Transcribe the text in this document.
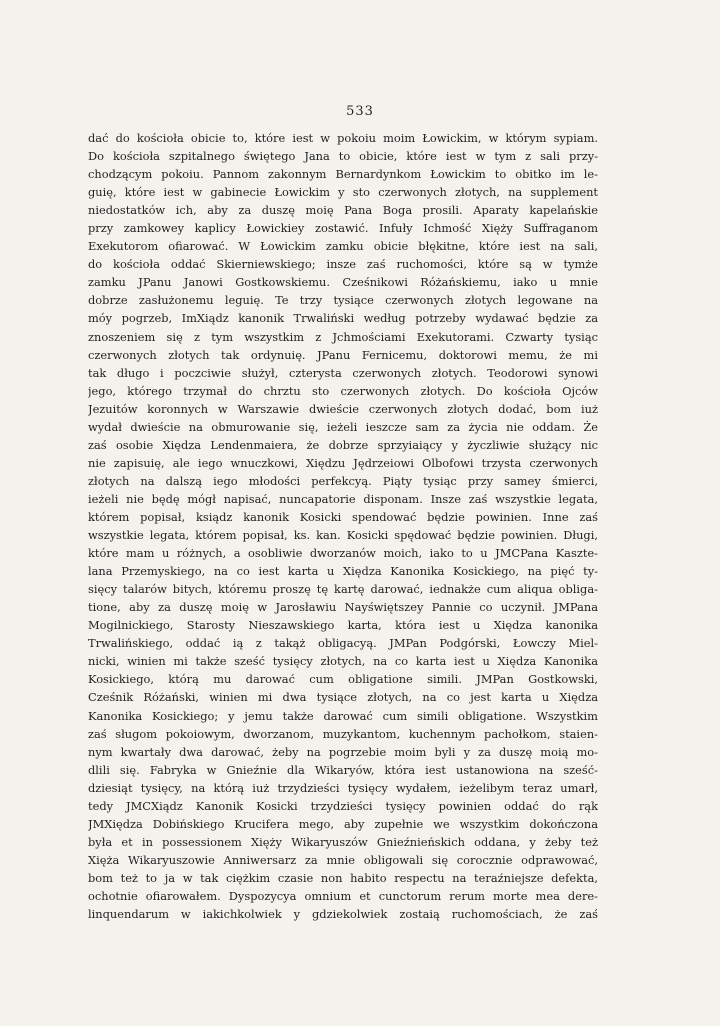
533
dać do kościoła obicie to, które iest w pokoiu moim Łowickim, w którym sypiam.
Do kościoła szpitalnego świętego Jana to obicie, które iest w tym z sali przy-
chodzącym pokoiu. Pannom zakonnym Bernardynkom Łowickim to obitko im le-
guię, które iest w gabinecie Łowickim y sto czerwonych złotych, na supplement
niedostatków ich, aby za duszę moię Pana Boga prosili. Aparaty kapelańskie
przy zamkowey kaplicy Łowickiey zostawić. Infuły Ichmość Xięży Suffraganom
Exekutorom ofiarować. W Łowickim zamku obicie błękitne, które iest na sali,
do kościoła oddać Skierniewskiego; insze zaś ruchomości, które są w tymże
zamku JPanu Janowi Gostkowskiemu. Cześnikowi Różańskiemu, iako u mnie
dobrze zasłużonemu leguię. Te trzy tysiące czerwonych złotych legowane na
móy pogrzeb, ImXiądz kanonik Trwaliński według potrzeby wydawać będzie za
znoszeniem się z tym wszystkim z Jchmościami Exekutorami. Czwarty tysiąc
czerwonych złotych tak ordynuię. JPanu Fernicemu, doktorowi memu, że mi
tak długo i poczciwie służył, czterysta czerwonych złotych. Teodorowi synowi
jego, którego trzymał do chrztu sto czerwonych złotych. Do kościoła Ojców
Jezuitów koronnych w Warszawie dwieście czerwonych złotych dodać, bom iuż
wydał dwieście na obmurowanie się, ieżeli ieszcze sam za życia nie oddam. Że
zaś osobie Xiędza Lendenmaiera, że dobrze sprzyiaiący y życzliwie służący nic
nie zapisuię, ale iego wnuczkowi, Xiędzu Jędrzeiowi Olbofowi trzysta czerwonych
złotych na dalszą iego młodości perfekcyą. Piąty tysiąc przy samey śmierci,
ieżeli nie będę mógł napisać, nuncapatorie disponam. Insze zaś wszystkie legata,
którem popisał, ksiądz kanonik Kosicki spendować będzie powinien. Inne zaś
wszystkie legata, którem popisał, ks. kan. Kosicki spędować będzie powinien. Długi,
które mam u różnych, a osobliwie dworzanów moich, iako to u JMCPana Kasztе-
lana Przemyskiego, na co iest karta u Xiędza Kanonika Kosickiego, na pięć ty-
sięcy talarów bitych, któremu proszę tę kartę darować, iednakże cum aliqua obliga-
tione, aby za duszę moię w Jarosławiu Nayświętszey Pannie co uczynił. JMPana
Mogilnickiego, Starosty Nieszawskiego karta, która iest u Xiędza kanonika
Trwalińskiego, oddać ią z takąż obligacyą. JMPan Podgórski, Łowczy Miel-
nicki, winien mi także sześć tysięcy złotych, na co karta iest u Xiędza Kanonika
Kosickiego, którą mu darować cum obligatione simili. JMPan Gostkowski,
Cześnik Różański, winien mi dwa tysiące złotych, na co jest karta u Xiędza
Kanonika Kosickiego; y jemu także darować cum simili obligatione. Wszystkim
zaś sługom pokoiowym, dworzanom, muzykantom, kuchennym pachołkom, staien-
nym kwartały dwa darować, żeby na pogrzebie moim byli y za duszę moią mo-
dlili się. Fabryka w Gnieźnie dla Wikaryów, która iest ustanowiona na sześć-
dziesiąt tysięcy, na którą iuż trzydzieści tysięcy wydałem, ieżelibym teraz umarł,
tedy JMCXiądz Kanonik Kosicki trzydzieści tysięcy powinien oddać do rąk
JMXiędza Dobińskiego Krucifera mego, aby zupełnie we wszystkim dokończona
była et in possessionem Xięży Wikaryuszów Gnieźnieńskich oddana, y żeby też
Xięża Wikaryuszowie Anniwersarz za mnie obligowali się corocznie odprawować,
bom też to ja w tak ciężkim czasie non habito respectu na teraźniejsze defekta,
ochotnie ofiarowałem. Dyspozycya omnium et cunctorum rerum morte mea dere-
linquendarum w iakichkolwiek y gdziekolwiek zostaią ruchomościach, że zaś
